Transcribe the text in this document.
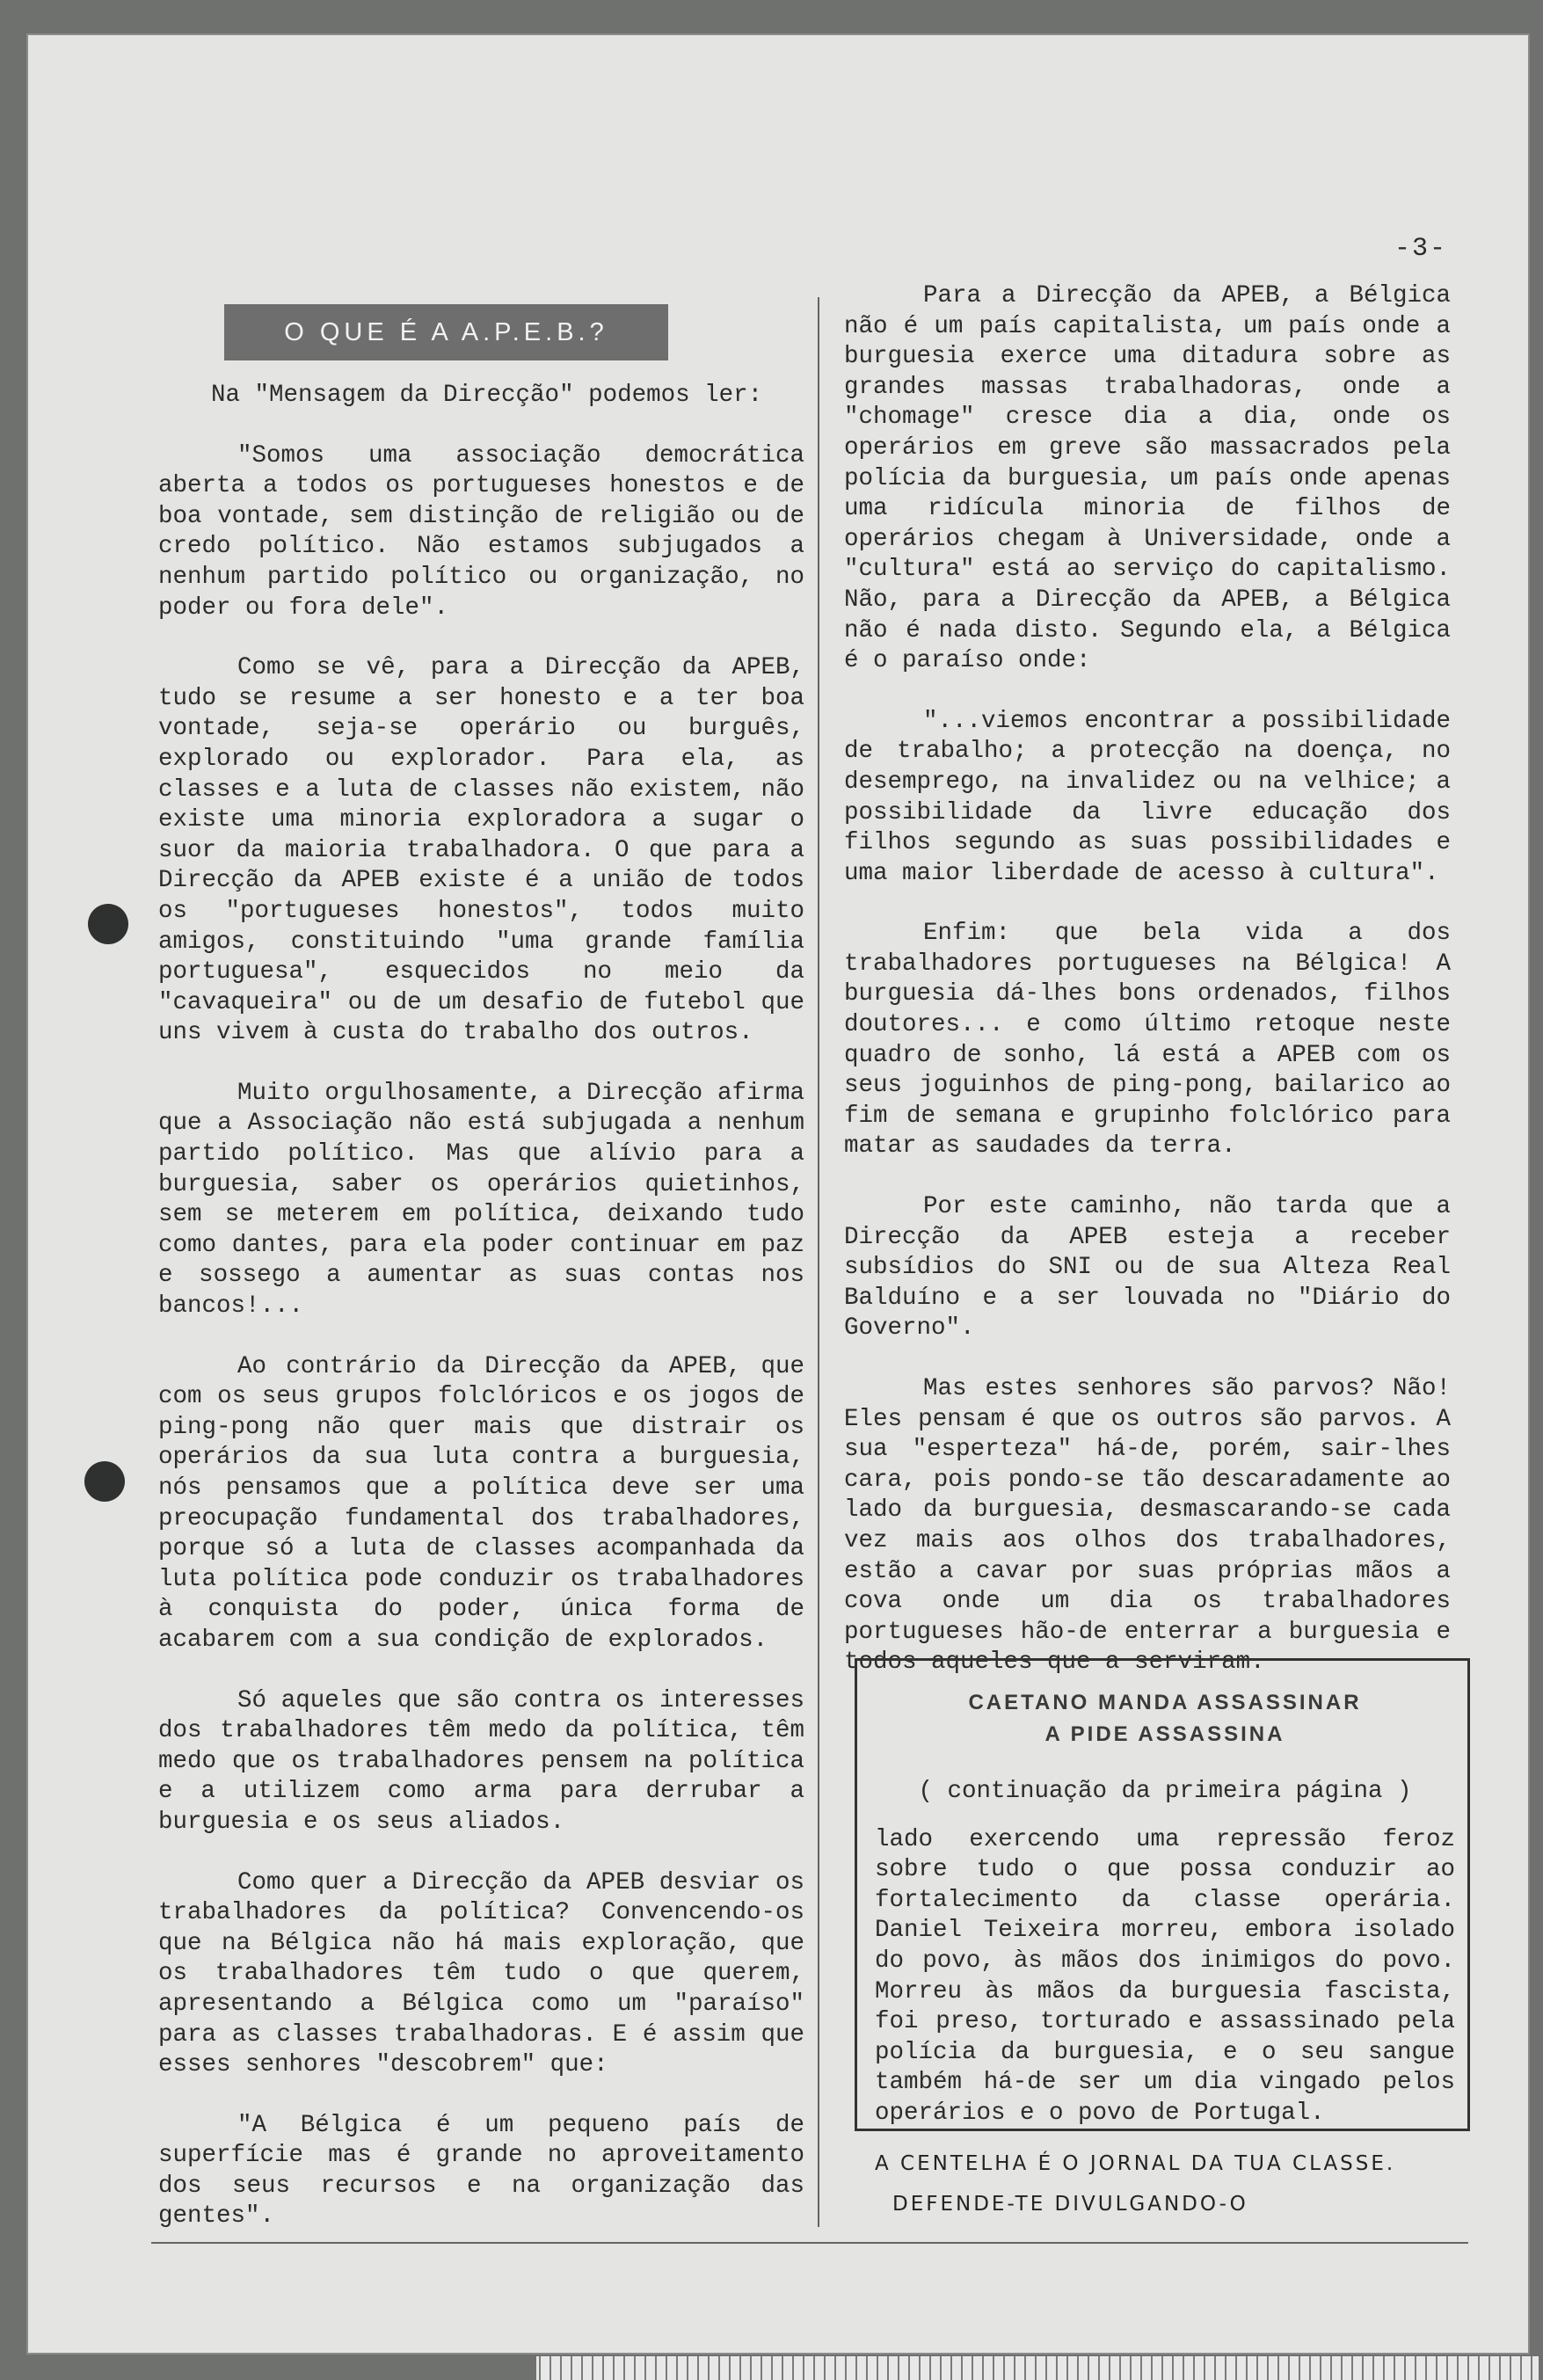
-3-
O QUE É A A.P.E.B.?

Na "Mensagem da Direcção" podemos ler:

"Somos uma associação democrática aberta a todos os portugueses honestos e de boa vontade, sem distinção de religião ou de credo político. Não estamos subjugados a nenhum partido político ou organização, no poder ou fora dele".

Como se vê, para a Direcção da APEB, tudo se resume a ser honesto e a ter boa vontade, seja-se operário ou burguês, explorado ou explorador. Para ela, as classes e a luta de classes não existem, não existe uma minoria exploradora a sugar o suor da maioria trabalhadora. O que para a Direcção da APEB existe é a união de todos os "portugueses honestos", todos muito amigos, constituindo "uma grande família portuguesa", esquecidos no meio da "cavaqueira" ou de um desafio de futebol que uns vivem à custa do trabalho dos outros.

Muito orgulhosamente, a Direcção afirma que a Associação não está subjugada a nenhum partido político. Mas que alívio para a burguesia, saber os operários quietinhos, sem se meterem em política, deixando tudo como dantes, para ela poder continuar em paz e sossego a aumentar as suas contas nos bancos!...

Ao contrário da Direcção da APEB, que com os seus grupos folclóricos e os jogos de ping-pong não quer mais que distrair os operários da sua luta contra a burguesia, nós pensamos que a política deve ser uma preocupação fundamental dos trabalhadores, porque só a luta de classes acompanhada da luta política pode conduzir os trabalhadores à conquista do poder, única forma de acabarem com a sua condição de explorados.

Só aqueles que são contra os interesses dos trabalhadores têm medo da política, têm medo que os trabalhadores pensem na política e a utilizem como arma para derrubar a burguesia e os seus aliados.

Como quer a Direcção da APEB desviar os trabalhadores da política? Convencendo-os que na Bélgica não há mais exploração, que os trabalhadores têm tudo o que querem, apresentando a Bélgica como um "paraíso" para as classes trabalhadoras. E é assim que esses senhores "descobrem" que:

"A Bélgica é um pequeno país de superfície mas é grande no aproveitamento dos seus recursos e na organização das gentes".

Para a Direcção da APEB, a Bélgica não é um país capitalista, um país onde a burguesia exerce uma ditadura sobre as grandes massas trabalhadoras, onde a "chomage" cresce dia a dia, onde os operários em greve são massacrados pela polícia da burguesia, um país onde apenas uma ridícula minoria de filhos de operários chegam à Universidade, onde a "cultura" está ao serviço do capitalismo. Não, para a Direcção da APEB, a Bélgica não é nada disto. Segundo ela, a Bélgica é o paraíso onde:

"...viemos encontrar a possibilidade de trabalho; a protecção na doença, no desemprego, na invalidez ou na velhice; a possibilidade da livre educação dos filhos segundo as suas possibilidades e uma maior liberdade de acesso à cultura".

Enfim: que bela vida a dos trabalhadores portugueses na Bélgica! A burguesia dá-lhes bons ordenados, filhos doutores... e como último retoque neste quadro de sonho, lá está a APEB com os seus joguinhos de ping-pong, bailarico ao fim de semana e grupinho folclórico para matar as saudades da terra.

Por este caminho, não tarda que a Direcção da APEB esteja a receber subsídios do SNI ou de sua Alteza Real Balduíno e a ser louvada no "Diário do Governo".

Mas estes senhores são parvos? Não! Eles pensam é que os outros são parvos. A sua "esperteza" há-de, porém, sair-lhes cara, pois pondo-se tão descaradamente ao lado da burguesia, desmascarando-se cada vez mais aos olhos dos trabalhadores, estão a cavar por suas próprias mãos a cova onde um dia os trabalhadores portugueses hão-de enterrar a burguesia e todos aqueles que a serviram.

CAETANO MANDA ASSASSINAR
A PIDE ASSASSINA

( continuação da primeira página )

lado exercendo uma repressão feroz sobre tudo o que possa conduzir ao fortalecimento da classe operária. Daniel Teixeira morreu, embora isolado do povo, às mãos dos inimigos do povo. Morreu às mãos da burguesia fascista, foi preso, torturado e assassinado pela polícia da burguesia, e o seu sangue também há-de ser um dia vingado pelos operários e o povo de Portugal.

A CENTELHA É O JORNAL DA TUA CLASSE.
DEFENDE-TE DIVULGANDO-O
